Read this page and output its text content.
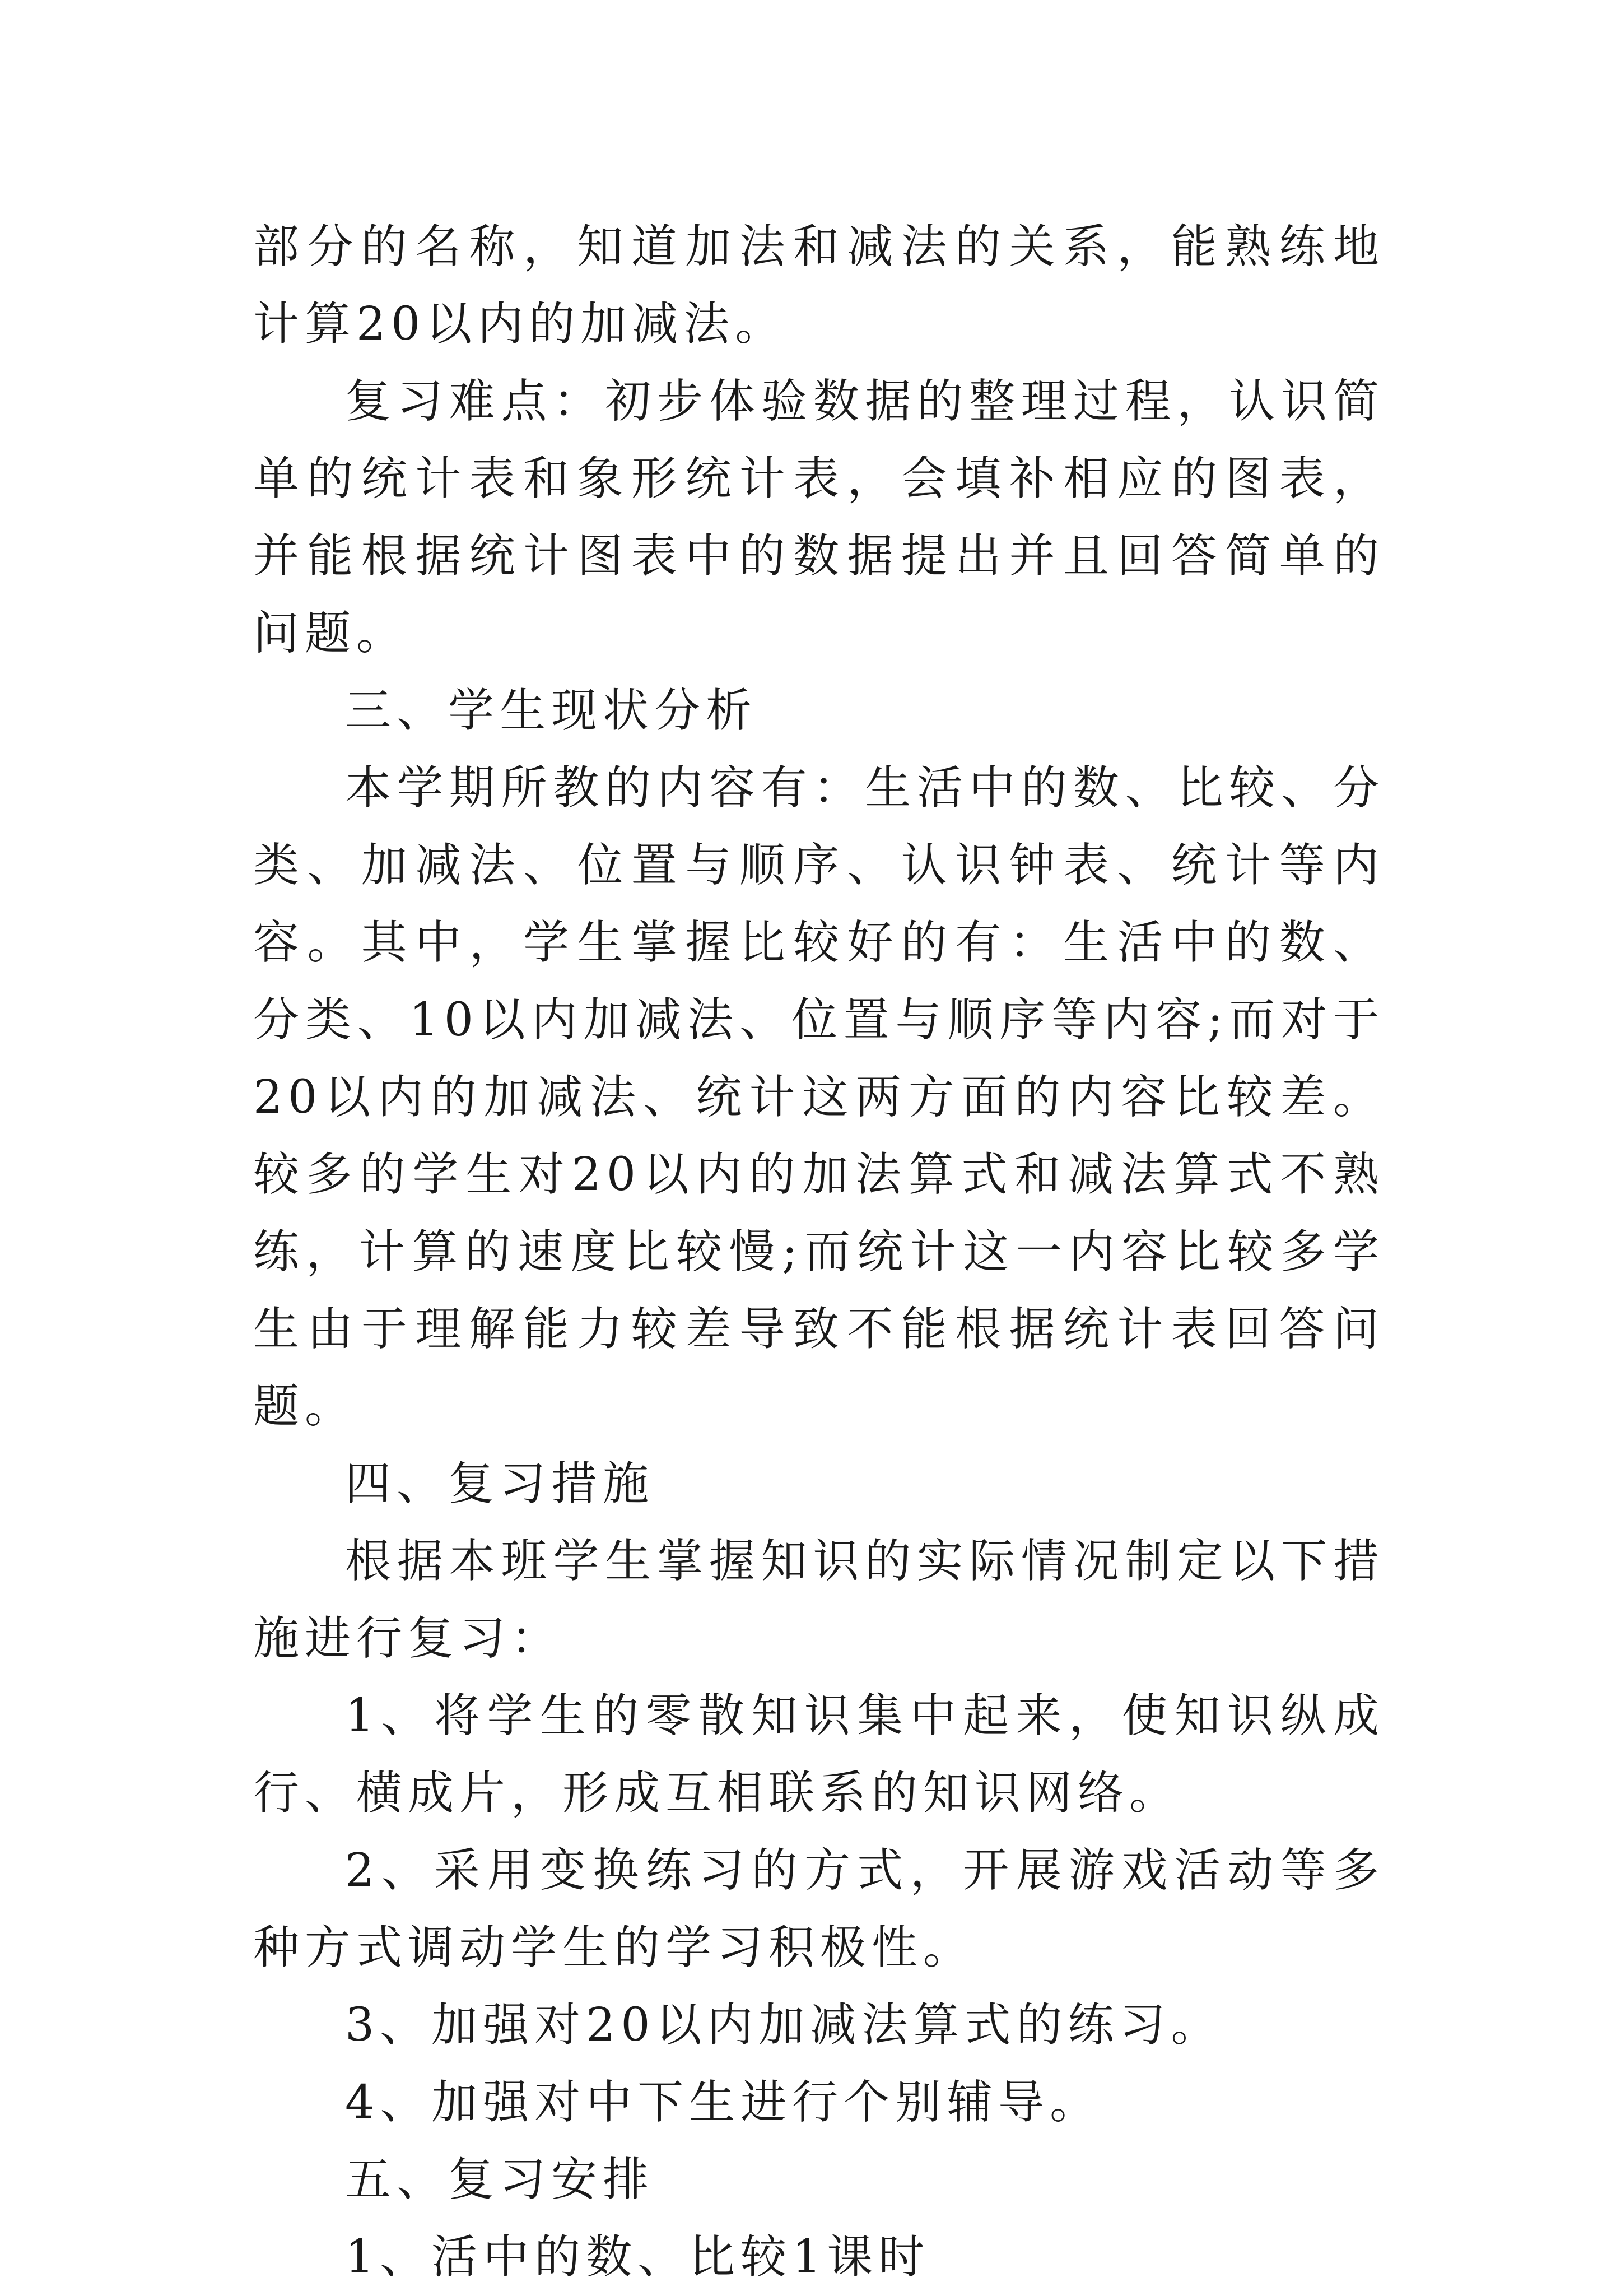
部分的名称，知道加法和减法的关系，能熟练地计算20以内的加减法。

复习难点：初步体验数据的整理过程，认识简单的统计表和象形统计表，会填补相应的图表，并能根据统计图表中的数据提出并且回答简单的问题。

三、学生现状分析

本学期所教的内容有：生活中的数、比较、分类、加减法、位置与顺序、认识钟表、统计等内容。其中，学生掌握比较好的有：生活中的数、分类、10以内加减法、位置与顺序等内容;而对于20以内的加减法、统计这两方面的内容比较差。较多的学生对20以内的加法算式和减法算式不熟练，计算的速度比较慢;而统计这一内容比较多学生由于理解能力较差导致不能根据统计表回答问题。

四、复习措施

根据本班学生掌握知识的实际情况制定以下措施进行复习：

1、将学生的零散知识集中起来，使知识纵成行、横成片，形成互相联系的知识网络。

2、采用变换练习的方式，开展游戏活动等多种方式调动学生的学习积极性。

3、加强对20以内加减法算式的练习。

4、加强对中下生进行个别辅导。

五、复习安排

1、活中的数、比较1课时
